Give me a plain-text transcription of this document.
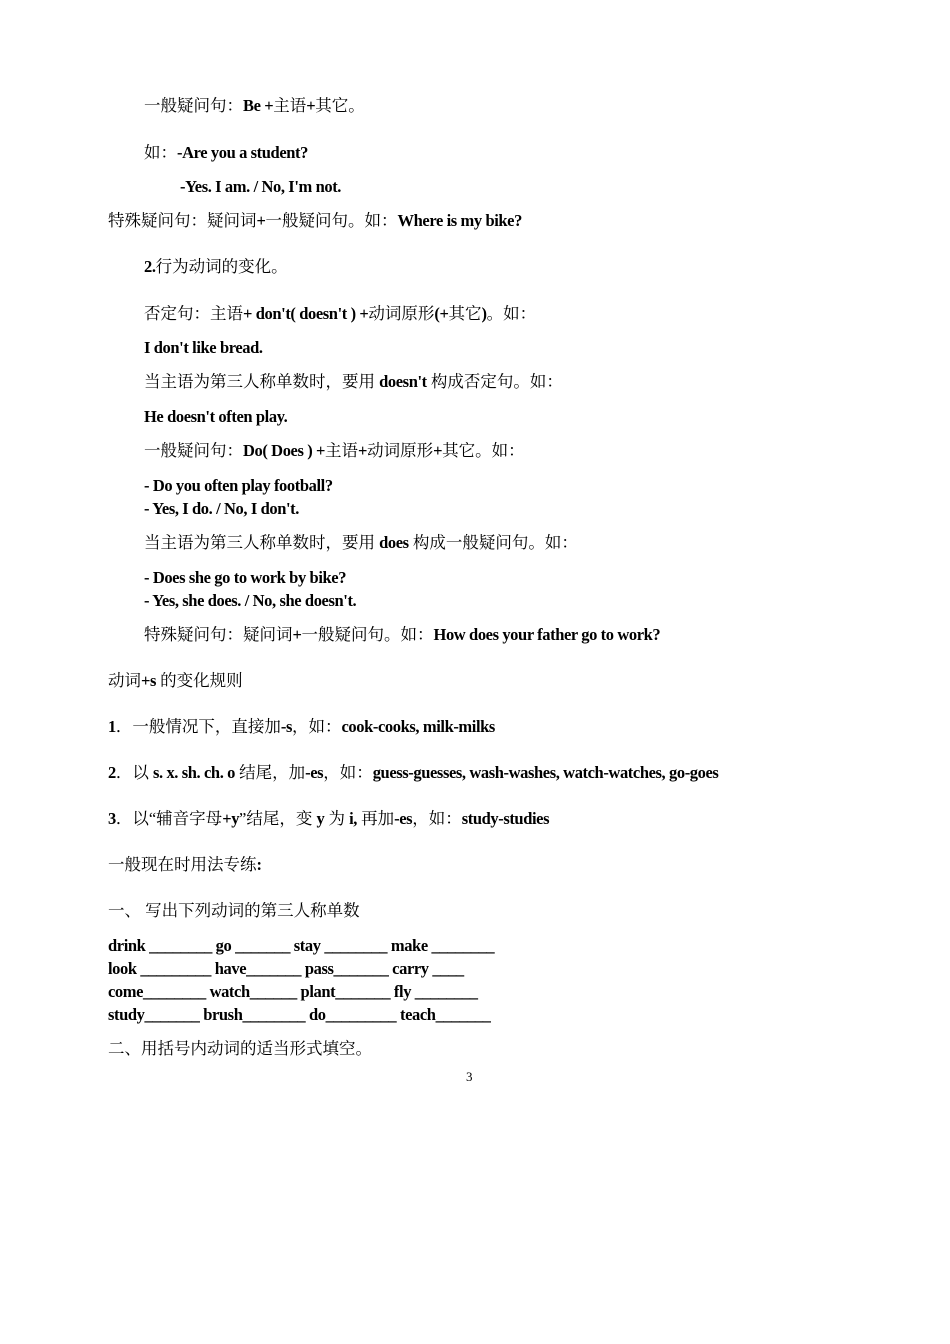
一般疑问句：Be +主语+其它。
如：-Are you a student?
-Yes. I am. / No, I'm not.
特殊疑问句：疑问词+一般疑问句。如：Where is my bike?
2.行为动词的变化。
否定句：主语+ don't( doesn't ) +动词原形(+其它)。如：
I don't like bread.
当主语为第三人称单数时，要用 doesn't 构成否定句。如：
He doesn't often play.
一般疑问句：Do( Does ) +主语+动词原形+其它。如：
- Do you often play football?
- Yes, I do. / No, I don't.
当主语为第三人称单数时，要用 does 构成一般疑问句。如：
- Does she go to work by bike?
- Yes, she does. / No, she doesn't.
特殊疑问句：疑问词+一般疑问句。如：How does your father go to work?
动词+s 的变化规则
1．一般情况下，直接加-s，如：cook-cooks, milk-milks
2．以 s. x. sh. ch. o 结尾，加-es，如：guess-guesses, wash-washes, watch-watches, go-goes
3．以“辅音字母+y”结尾，变 y 为 i, 再加-es，如：study-studies
一般现在时用法专练:
一、 写出下列动词的第三人称单数
drink ________ go _______ stay ________ make ________
look _________ have_______ pass_______ carry ____
come________ watch______ plant_______ fly ________
study_______ brush________ do_________ teach_______
二、用括号内动词的适当形式填空。
3
